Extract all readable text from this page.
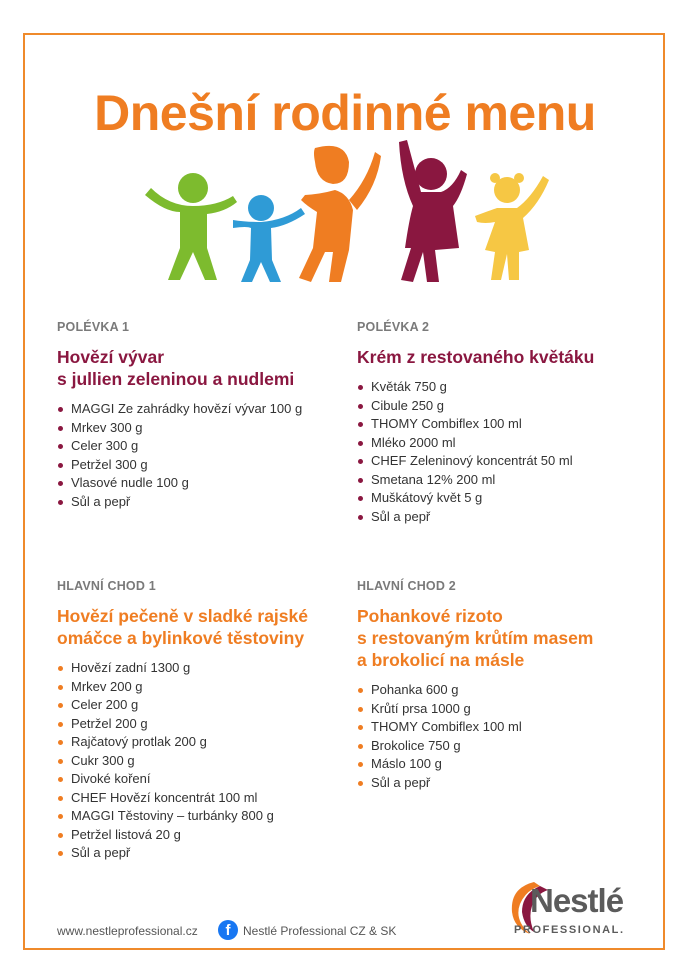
Dnešní rodinné menu

POLÉVKA 1

Hovězí vývar
s jullien zeleninou a nudlemi
MAGGI Ze zahrádky hovězí vývar 100 g
Mrkev 300 g
Celer 300 g
Petržel 300 g
Vlasové nudle 100 g
Sůl a pepř

POLÉVKA 2

Krém z restovaného květáku
Květák 750 g
Cibule 250 g
THOMY Combiflex 100 ml
Mléko 2000 ml
CHEF Zeleninový koncentrát 50 ml
Smetana 12% 200 ml
Muškátový květ 5 g
Sůl a pepř

HLAVNÍ CHOD 1

Hovězí pečeně v sladké rajské
omáčce a bylinkové těstoviny
Hovězí zadní 1300 g
Mrkev 200 g
Celer 200 g
Petržel 200 g
Rajčatový protlak 200 g
Cukr 300 g
Divoké koření
CHEF Hovězí koncentrát 100 ml
MAGGI Těstoviny – turbánky 800 g
Petržel listová 20 g
Sůl a pepř

HLAVNÍ CHOD 2

Pohankové rizoto
s restovaným krůtím masem
a brokolicí na másle
Pohanka 600 g
Krůtí prsa 1000 g
THOMY Combiflex 100 ml
Brokolice 750 g
Máslo 100 g
Sůl a pepř
www.nestleprofessional.cz	f	Nestlé Professional CZ & SK
Nestlé
PROFESSIONAL.
